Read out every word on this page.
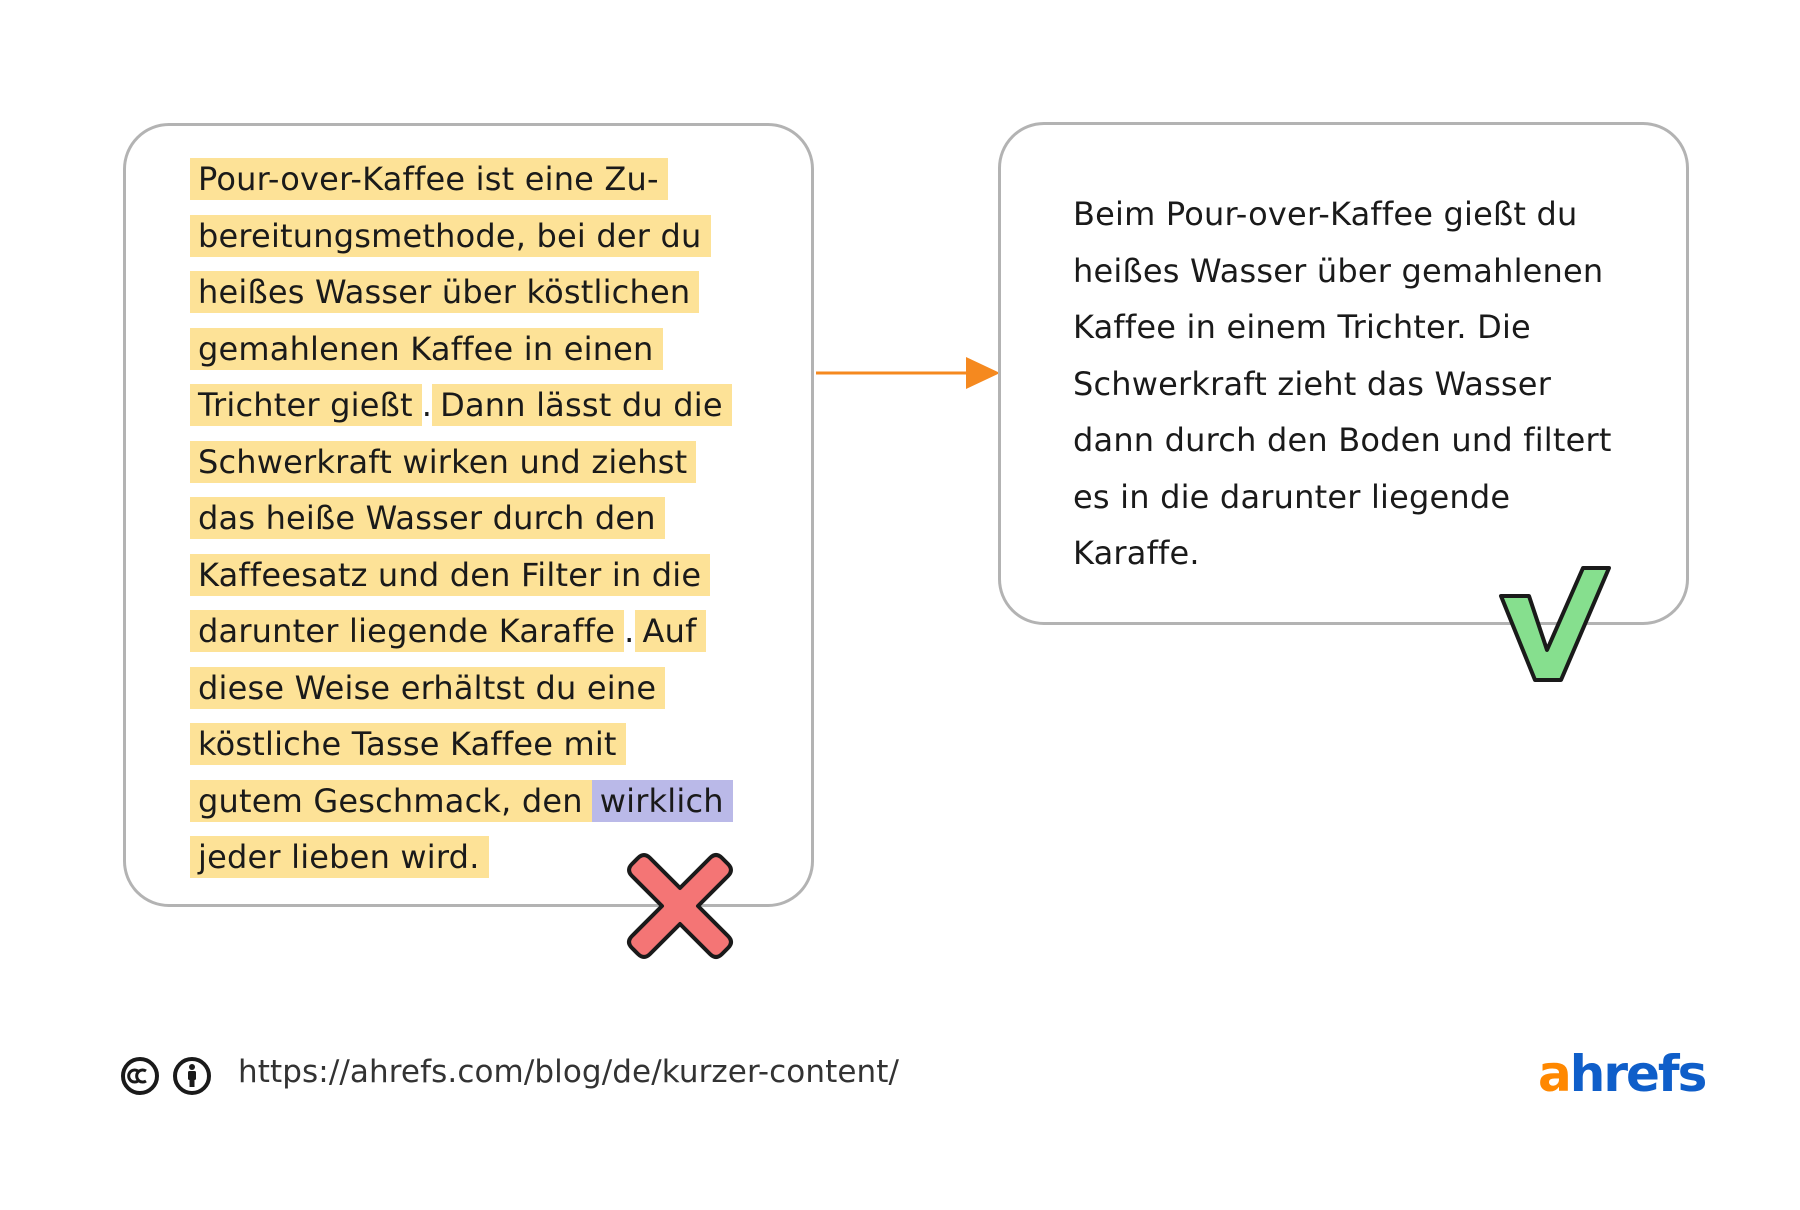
Pour-over-Kaffee ist eine Zu-

bereitungsmethode, bei der du

heißes Wasser über köstlichen

gemahlenen Kaffee in einen

Trichter gießt . Dann lässt du die

Schwerkraft wirken und ziehst

das heiße Wasser durch den

Kaffeesatz und den Filter in die

darunter liegende Karaffe . Auf

diese Weise erhältst du eine

köstliche Tasse Kaffee mit

gutem Geschmack, den wirklich

jeder lieben wird.

Beim Pour-over-Kaffee gießt du

heißes Wasser über gemahlenen

Kaffee in einem Trichter. Die

Schwerkraft zieht das Wasser

dann durch den Boden und filtert

es in die darunter liegende

Karaffe.

https://ahrefs.com/blog/de/kurzer-content/	ahrefs
